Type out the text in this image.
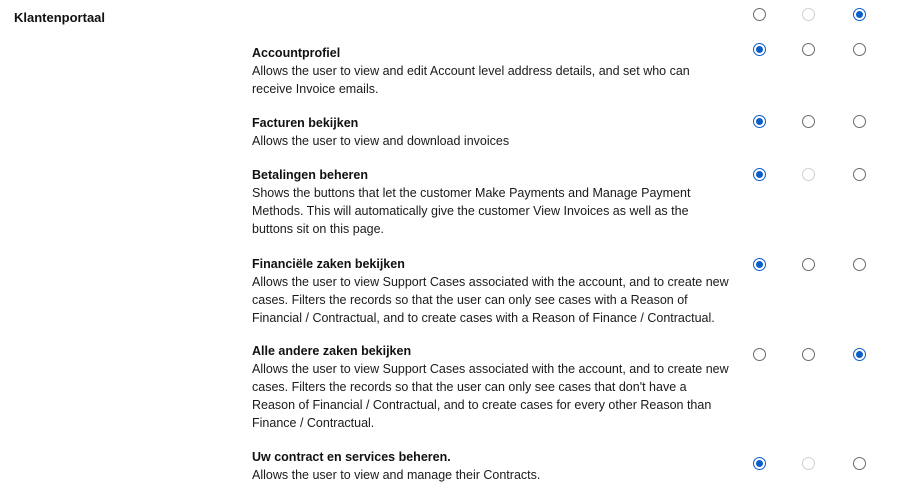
Klantenportaal
Accountprofiel
Allows the user to view and edit Account level address details, and set who can receive Invoice emails.
Facturen bekijken
Allows the user to view and download invoices
Betalingen beheren
Shows the buttons that let the customer Make Payments and Manage Payment Methods. This will automatically give the customer View Invoices as well as the buttons sit on this page.
Financiële zaken bekijken
Allows the user to view Support Cases associated with the account, and to create new cases. Filters the records so that the user can only see cases with a Reason of Financial / Contractual, and to create cases with a Reason of Finance / Contractual.
Alle andere zaken bekijken
Allows the user to view Support Cases associated with the account, and to create new cases. Filters the records so that the user can only see cases that don't have a Reason of Financial / Contractual, and to create cases for every other Reason than Finance / Contractual.
Uw contract en services beheren.
Allows the user to view and manage their Contracts.
